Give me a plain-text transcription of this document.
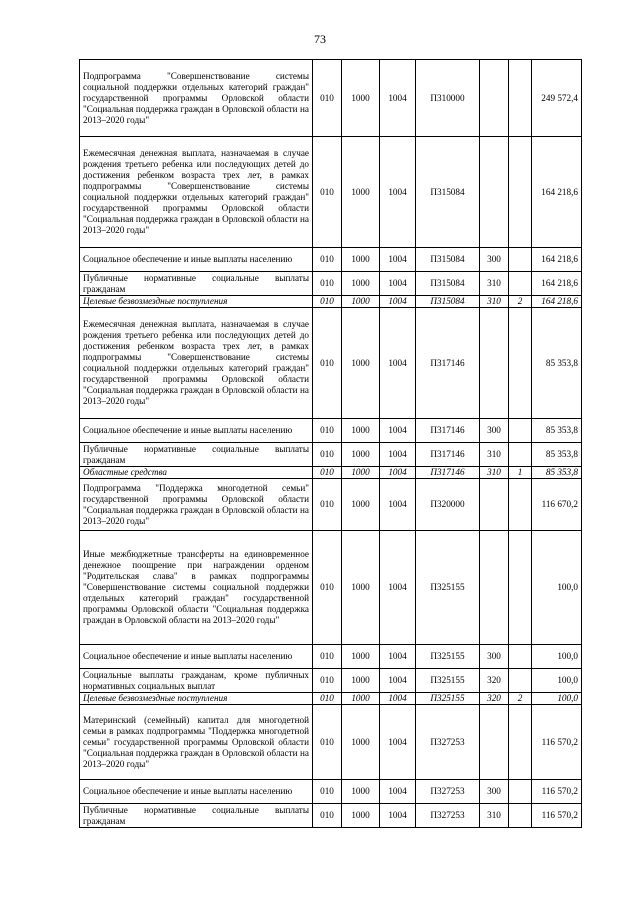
73
Подпрограмма "Совершенствование системы социальной поддержки отдельных категорий граждан" государственной программы Орловской области "Социальная поддержка граждан в Орловской области на 2013–2020 годы"	010	1000	1004	П310000			249 572,4
Ежемесячная денежная выплата, назначаемая в случае рождения третьего ребенка или последующих детей до достижения ребенком возраста трех лет, в рамках подпрограммы "Совершенствование системы социальной поддержки отдельных категорий граждан" государственной программы Орловской области "Социальная поддержка граждан в Орловской области на 2013–2020 годы"	010	1000	1004	П315084			164 218,6
Социальное обеспечение и иные выплаты населению	010	1000	1004	П315084	300		164 218,6
Публичные нормативные социальные выплаты гражданам	010	1000	1004	П315084	310		164 218,6
Целевые безвозмездные поступления	010	1000	1004	П315084	310	2	164 218,6
Ежемесячная денежная выплата, назначаемая в случае рождения третьего ребенка или последующих детей до достижения ребенком возраста трех лет, в рамках подпрограммы "Совершенствование системы социальной поддержки отдельных категорий граждан" государственной программы Орловской области "Социальная поддержка граждан в Орловской области на 2013–2020 годы"	010	1000	1004	П317146			85 353,8
Социальное обеспечение и иные выплаты населению	010	1000	1004	П317146	300		85 353,8
Публичные нормативные социальные выплаты гражданам	010	1000	1004	П317146	310		85 353,8
Областные средства	010	1000	1004	П317146	310	1	85 353,8
Подпрограмма "Поддержка многодетной семьи" государственной программы Орловской области "Социальная поддержка граждан в Орловской области на 2013–2020 годы"	010	1000	1004	П320000			116 670,2
Иные межбюджетные трансферты на единовременное денежное поощрение при награждении орденом "Родительская слава" в рамках подпрограммы "Совершенствование системы социальной поддержки отдельных категорий граждан" государственной программы Орловской области "Социальная поддержка граждан в Орловской области на 2013–2020 годы"	010	1000	1004	П325155			100,0
Социальное обеспечение и иные выплаты населению	010	1000	1004	П325155	300		100,0
Социальные выплаты гражданам, кроме публичных нормативных социальных выплат	010	1000	1004	П325155	320		100,0
Целевые безвозмездные поступления	010	1000	1004	П325155	320	2	100,0
Материнский (семейный) капитал для многодетной семьи в рамках подпрограммы "Поддержка многодетной семьи" государственной программы Орловской области "Социальная поддержка граждан в Орловской области на 2013–2020 годы"	010	1000	1004	П327253			116 570,2
Социальное обеспечение и иные выплаты населению	010	1000	1004	П327253	300		116 570,2
Публичные нормативные социальные выплаты гражданам	010	1000	1004	П327253	310		116 570,2
